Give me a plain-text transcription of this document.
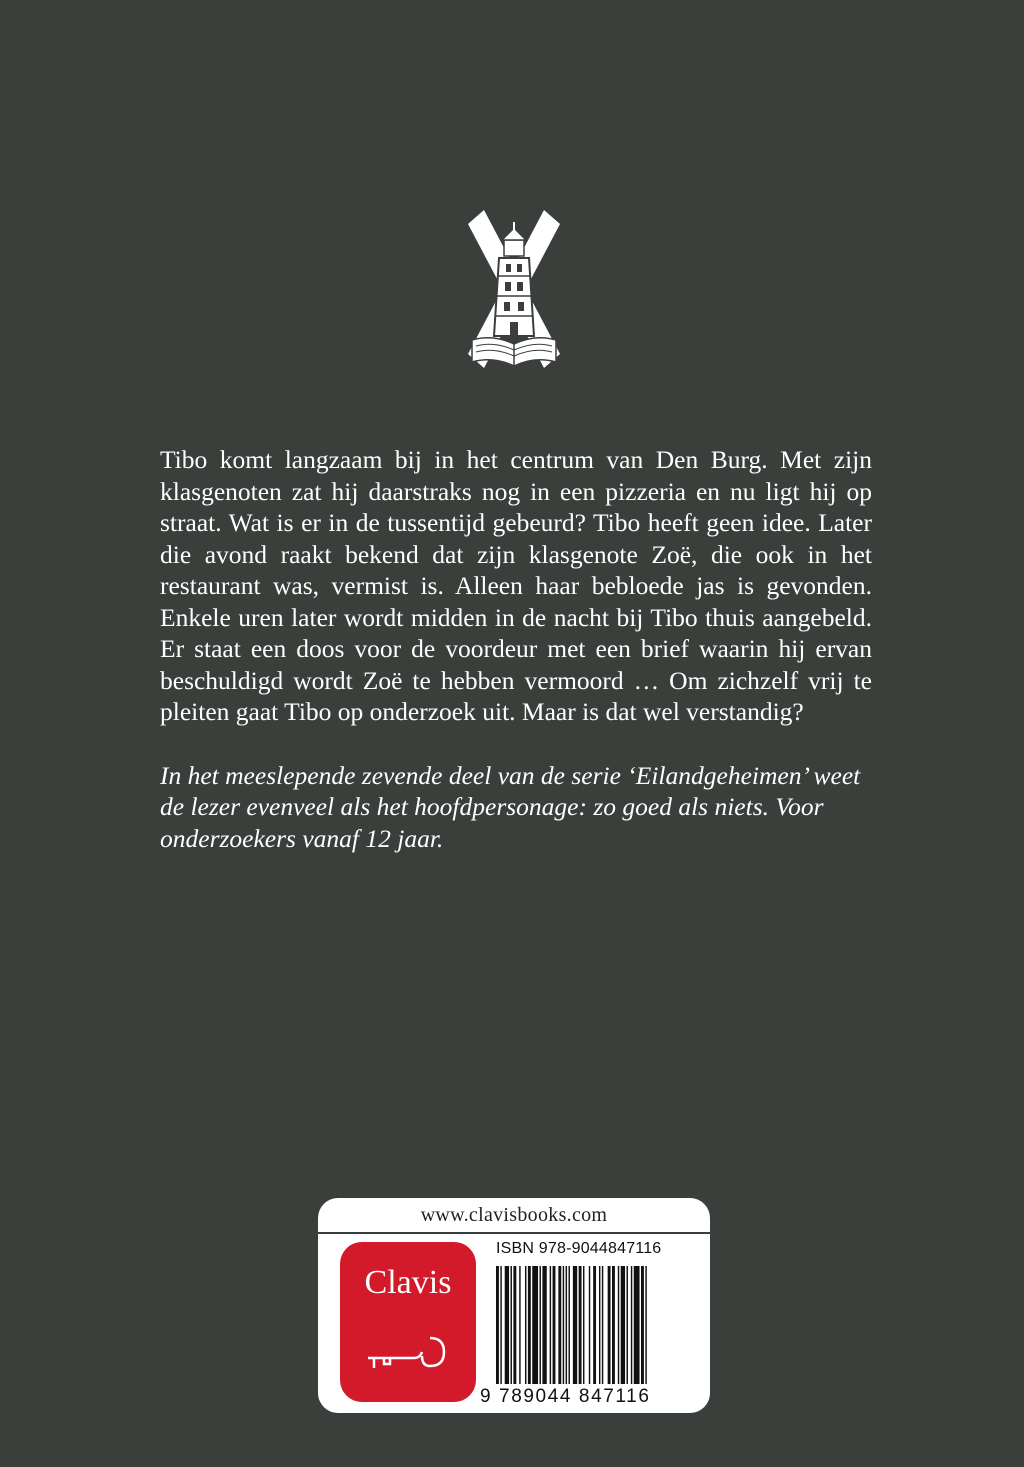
Tibo komt langzaam bij in het centrum van Den Burg. Met zijn klasgenoten zat hij daarstraks nog in een pizzeria en nu ligt hij op straat. Wat is er in de tussentijd gebeurd? Tibo heeft geen idee. Later die avond raakt bekend dat zijn klasgenote Zoë, die ook in het restaurant was, vermist is. Alleen haar bebloede jas is gevonden. Enkele uren later wordt midden in de nacht bij Tibo thuis aangebeld. Er staat een doos voor de voordeur met een brief waarin hij ervan beschuldigd wordt Zoë te hebben vermoord … Om zichzelf vrij te pleiten gaat Tibo op onderzoek uit. Maar is dat wel verstandig?

In het meeslepende zevende deel van de serie ‘Eilandgeheimen’ weet de lezer evenveel als het hoofdpersonage: zo goed als niets. Voor onderzoekers vanaf 12 jaar.

www.clavisbooks.com
Clavis
ISBN 978-9044847116
9 789044 847116
